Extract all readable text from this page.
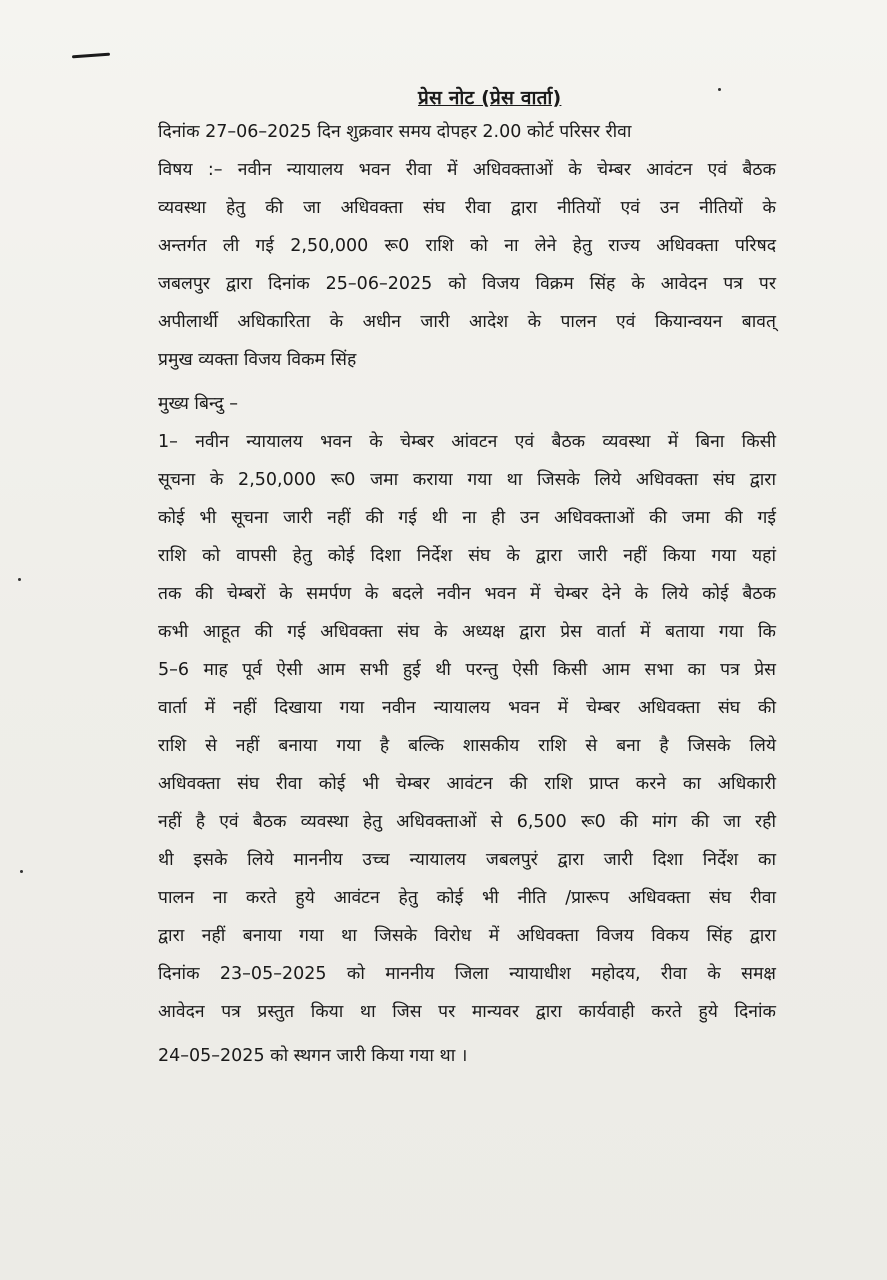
प्रेस नोट (प्रेस वार्ता)
दिनांक 27–06–2025 दिन शुक्रवार समय दोपहर 2.00 कोर्ट परिसर रीवा
विषय :– नवीन न्यायालय भवन रीवा में अधिवक्ताओं के चेम्बर आवंटन एवं बैठक
व्यवस्था हेतु की जा अधिवक्ता संघ रीवा द्वारा नीतियों एवं उन नीतियों के
अन्तर्गत ली गई 2,50,000 रू0 राशि को ना लेने हेतु राज्य अधिवक्ता परिषद
जबलपुर द्वारा दिनांक 25–06–2025 को विजय विक्रम सिंह के आवेदन पत्र पर
अपीलार्थी अधिकारिता के अधीन जारी आदेश के पालन एवं कियान्वयन बावत्
प्रमुख व्यक्ता विजय विकम सिंह
मुख्य बिन्दु –
1– नवीन न्यायालय भवन के चेम्बर आंवटन एवं बैठक व्यवस्था में बिना किसी
सूचना के 2,50,000 रू0 जमा कराया गया था जिसके लिये अधिवक्ता संघ द्वारा
कोई भी सूचना जारी नहीं की गई थी ना ही उन अधिवक्ताओं की जमा की गई
राशि को वापसी हेतु कोई दिशा निर्देश संघ के द्वारा जारी नहीं किया गया यहां
तक की चेम्बरों के समर्पण के बदले नवीन भवन में चेम्बर देने के लिये कोई बैठक
कभी आहूत की गई अधिवक्ता संघ के अध्यक्ष द्वारा प्रेस वार्ता में बताया गया कि
5–6 माह पूर्व ऐसी आम सभी हुई थी परन्तु ऐसी किसी आम सभा का पत्र प्रेस
वार्ता में नहीं दिखाया गया नवीन न्यायालय भवन में चेम्बर अधिवक्ता संघ की
राशि से नहीं बनाया गया है बल्कि शासकीय राशि से बना है जिसके लिये
अधिवक्ता संघ रीवा कोई भी चेम्बर आवंटन की राशि प्राप्त करने का अधिकारी
नहीं है एवं बैठक व्यवस्था हेतु अधिवक्ताओं से 6,500 रू0 की मांग की जा रही
थी इसके लिये माननीय उच्च न्यायालय जबलपुरं द्वारा जारी दिशा निर्देश का
पालन ना करते हुये आवंटन हेतु कोई भी नीति /प्रारूप अधिवक्ता संघ रीवा
द्वारा नहीं बनाया गया था जिसके विरोध में अधिवक्ता विजय विकय सिंह द्वारा
दिनांक 23–05–2025 को माननीय जिला न्यायाधीश महोदय, रीवा के समक्ष
आवेदन पत्र प्रस्तुत किया था जिस पर मान्यवर द्वारा कार्यवाही करते हुये दिनांक
24–05–2025 को स्थगन जारी किया गया था ।
